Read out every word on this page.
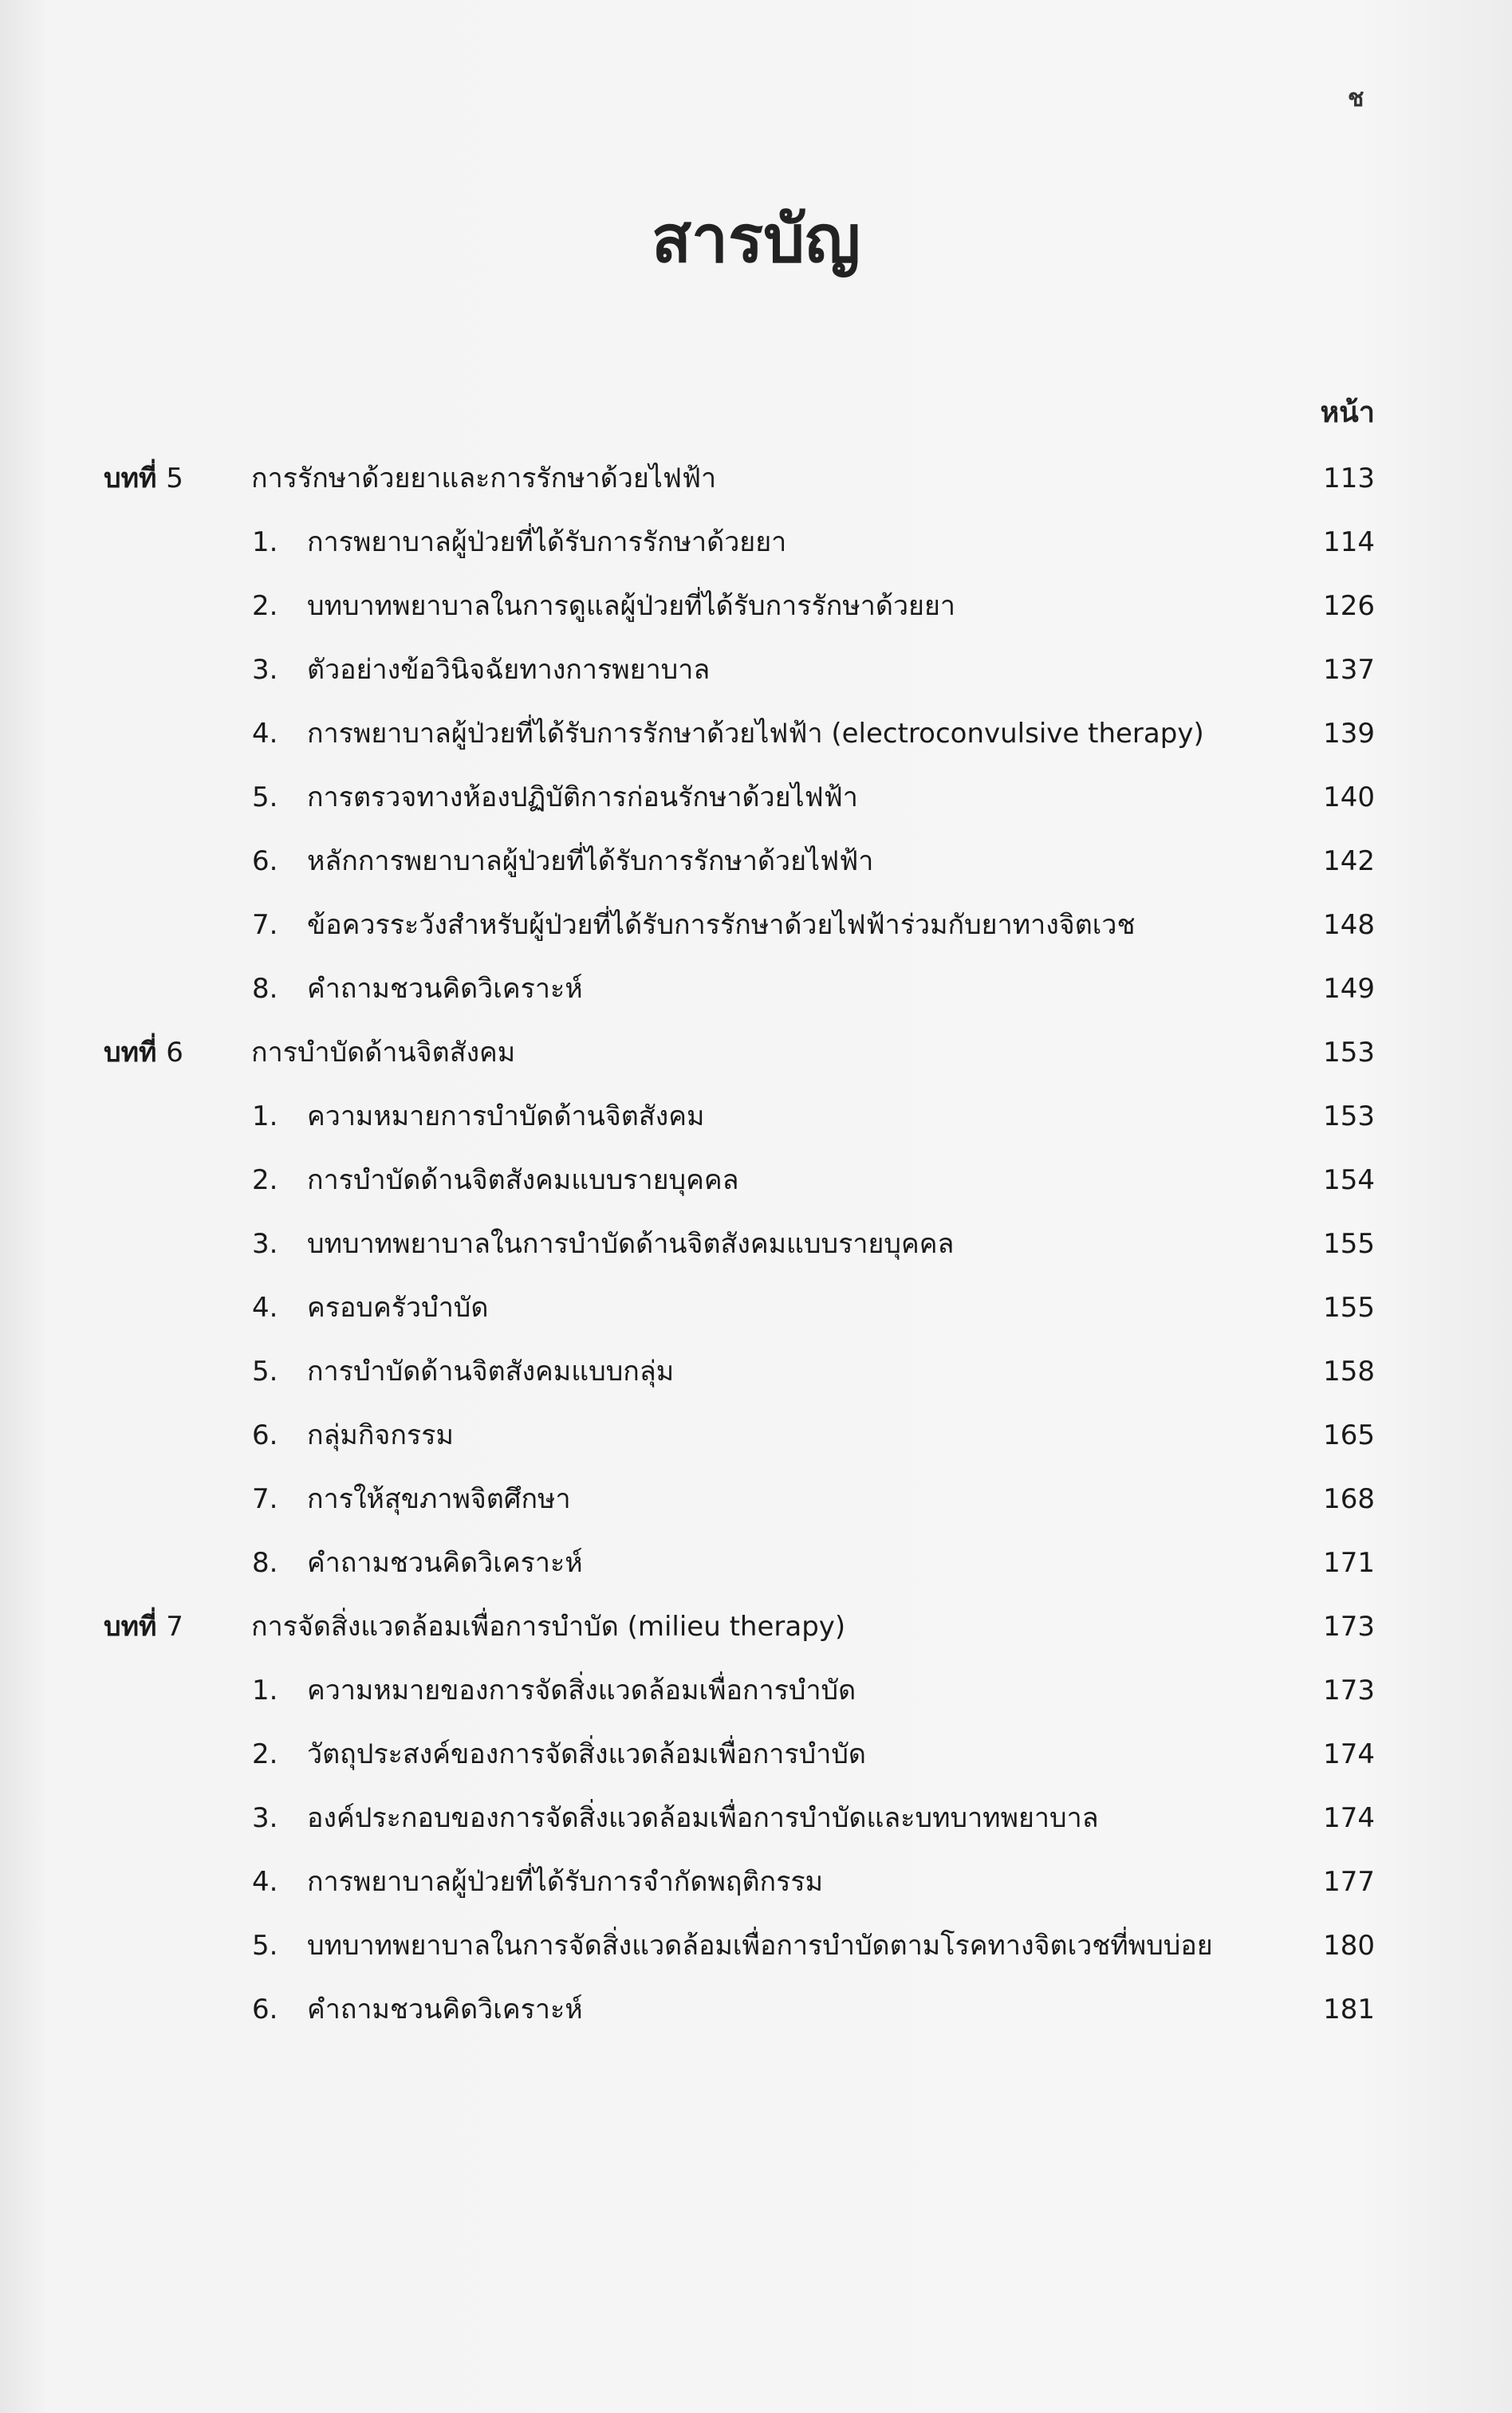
ช
สารบัญ
หน้า
บทที่ 5	การรักษาด้วยยาและการรักษาด้วยไฟฟ้า	113
1.	การพยาบาลผู้ป่วยที่ได้รับการรักษาด้วยยา	114
2.	บทบาทพยาบาลในการดูแลผู้ป่วยที่ได้รับการรักษาด้วยยา	126
3.	ตัวอย่างข้อวินิจฉัยทางการพยาบาล	137
4.	การพยาบาลผู้ป่วยที่ได้รับการรักษาด้วยไฟฟ้า (electroconvulsive therapy)	139
5.	การตรวจทางห้องปฏิบัติการก่อนรักษาด้วยไฟฟ้า	140
6.	หลักการพยาบาลผู้ป่วยที่ได้รับการรักษาด้วยไฟฟ้า	142
7.	ข้อควรระวังสำหรับผู้ป่วยที่ได้รับการรักษาด้วยไฟฟ้าร่วมกับยาทางจิตเวช	148
8.	คำถามชวนคิดวิเคราะห์	149
บทที่ 6	การบำบัดด้านจิตสังคม	153
1.	ความหมายการบำบัดด้านจิตสังคม	153
2.	การบำบัดด้านจิตสังคมแบบรายบุคคล	154
3.	บทบาทพยาบาลในการบำบัดด้านจิตสังคมแบบรายบุคคล	155
4.	ครอบครัวบำบัด	155
5.	การบำบัดด้านจิตสังคมแบบกลุ่ม	158
6.	กลุ่มกิจกรรม	165
7.	การให้สุขภาพจิตศึกษา	168
8.	คำถามชวนคิดวิเคราะห์	171
บทที่ 7	การจัดสิ่งแวดล้อมเพื่อการบำบัด (milieu therapy)	173
1.	ความหมายของการจัดสิ่งแวดล้อมเพื่อการบำบัด	173
2.	วัตถุประสงค์ของการจัดสิ่งแวดล้อมเพื่อการบำบัด	174
3.	องค์ประกอบของการจัดสิ่งแวดล้อมเพื่อการบำบัดและบทบาทพยาบาล	174
4.	การพยาบาลผู้ป่วยที่ได้รับการจำกัดพฤติกรรม	177
5.	บทบาทพยาบาลในการจัดสิ่งแวดล้อมเพื่อการบำบัดตามโรคทางจิตเวชที่พบบ่อย	180
6.	คำถามชวนคิดวิเคราะห์	181
